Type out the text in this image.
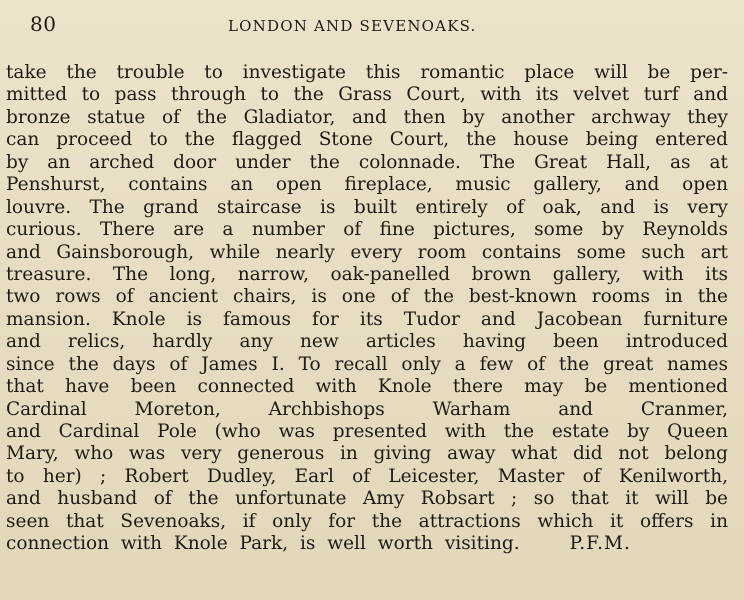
80	LONDON AND SEVENOAKS.
take the trouble to investigate this romantic place will be per-
mitted to pass through to the Grass Court, with its velvet turf and
bronze statue of the Gladiator, and then by another archway they
can proceed to the flagged Stone Court, the house being entered
by an arched door under the colonnade. The Great Hall, as at
Penshurst, contains an open fireplace, music gallery, and open
louvre. The grand staircase is built entirely of oak, and is very
curious. There are a number of fine pictures, some by Reynolds
and Gainsborough, while nearly every room contains some such art
treasure. The long, narrow, oak-panelled brown gallery, with its
two rows of ancient chairs, is one of the best-known rooms in the
mansion. Knole is famous for its Tudor and Jacobean furniture
and relics, hardly any new articles having been introduced
since the days of James I. To recall only a few of the great names
that have been connected with Knole there may be mentioned
Cardinal Moreton, Archbishops Warham and Cranmer,
and Cardinal Pole (who was presented with the estate by Queen
Mary, who was very generous in giving away what did not belong
to her) ; Robert Dudley, Earl of Leicester, Master of Kenilworth,
and husband of the unfortunate Amy Robsart ; so that it will be
seen that Sevenoaks, if only for the attractions which it offers in
connection with Knole Park, is well worth visiting.	P.F.M.
